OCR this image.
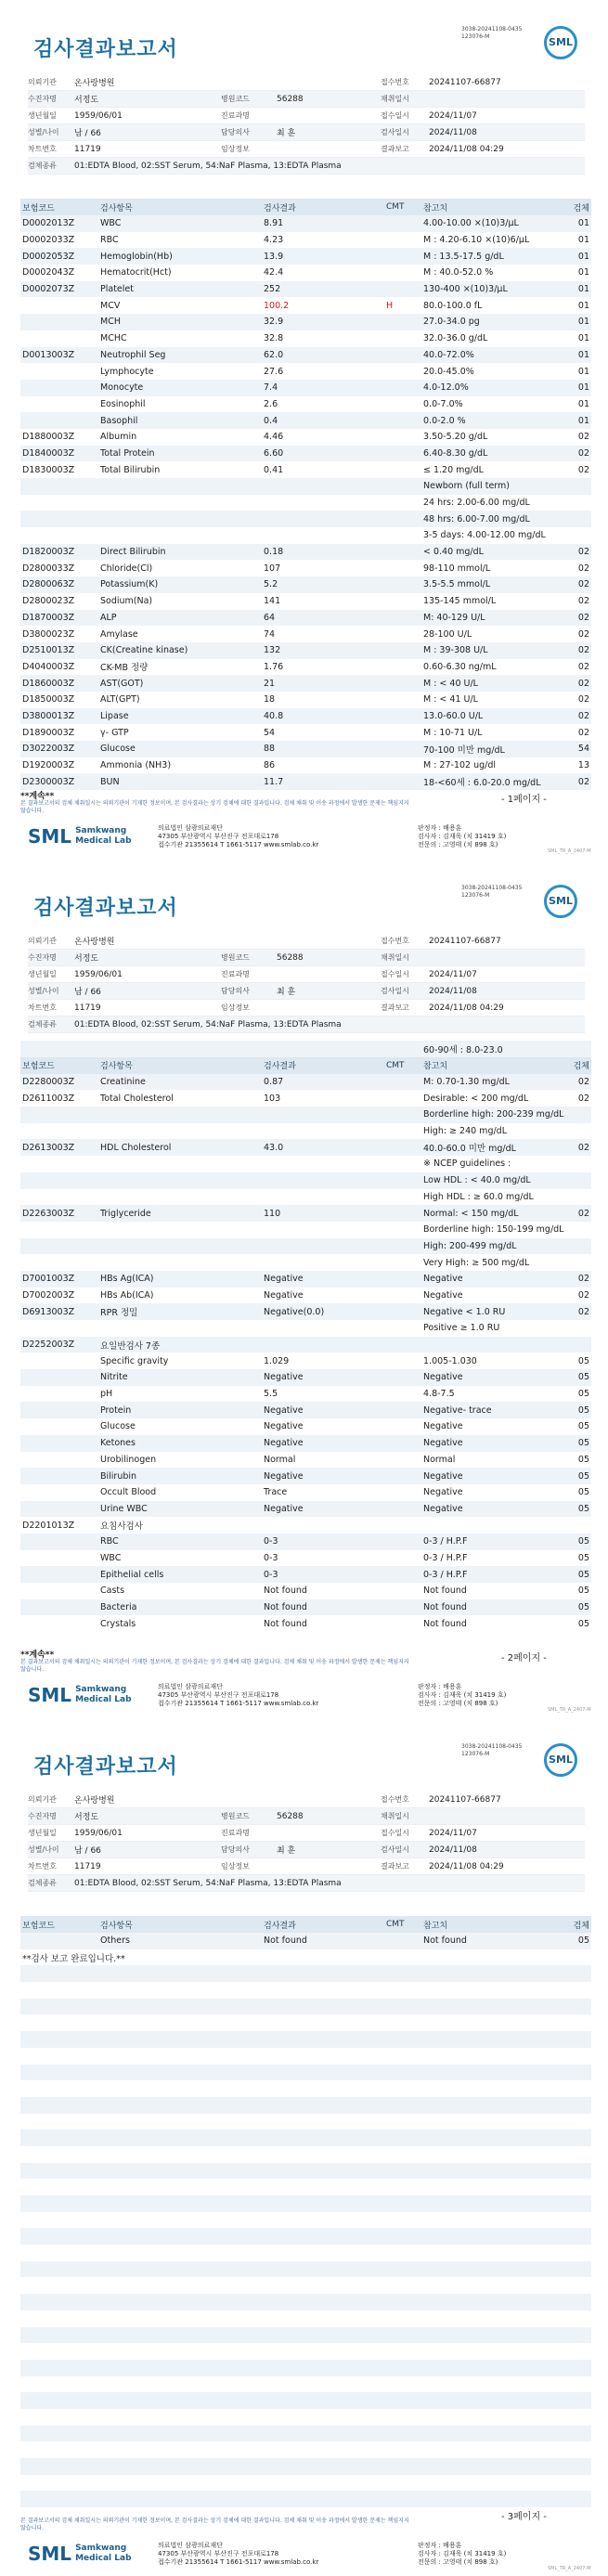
3038-20241108-0435
123076-M	SML
검사결과보고서
의뢰기관	온사랑병원	접수번호	20241107-66877
수진자명	서정도	병원코드	56288	채취일시
생년월일	1959/06/01	진료과명	접수일시	2024/11/07
성별/나이	남 / 66	담당의사	최 훈	검사일시	2024/11/08
차트번호	11719	임상정보	결과보고	2024/11/08 04:29
검체종류	01:EDTA Blood, 02:SST Serum, 54:NaF Plasma, 13:EDTA Plasma
보험코드	검사항목	검사결과	CMT	참고치	검체
D0002013Z	WBC	8.91	4.00-10.00 ×(10)3/μL	01
D0002033Z	RBC	4.23	M : 4.20-6.10 ×(10)6/μL	01
D0002053Z	Hemoglobin(Hb)	13.9	M : 13.5-17.5 g/dL	01
D0002043Z	Hematocrit(Hct)	42.4	M : 40.0-52.0 %	01
D0002073Z	Platelet	252	130-400 ×(10)3/μL	01
MCV	100.2	H	80.0-100.0 fL	01
MCH	32.9	27.0-34.0 pg	01
MCHC	32.8	32.0-36.0 g/dL	01
D0013003Z	Neutrophil Seg	62.0	40.0-72.0%	01
Lymphocyte	27.6	20.0-45.0%	01
Monocyte	7.4	4.0-12.0%	01
Eosinophil	2.6	0.0-7.0%	01
Basophil	0.4	0.0-2.0 %	01
D1880003Z	Albumin	4.46	3.50-5.20 g/dL	02
D1840003Z	Total Protein	6.60	6.40-8.30 g/dL	02
D1830003Z	Total Bilirubin	0.41	≤ 1.20 mg/dL	02
Newborn (full term)
24 hrs: 2.00-6.00 mg/dL
48 hrs: 6.00-7.00 mg/dL
3-5 days: 4.00-12.00 mg/dL
D1820003Z	Direct Bilirubin	0.18	< 0.40 mg/dL	02
D2800033Z	Chloride(Cl)	107	98-110 mmol/L	02
D2800063Z	Potassium(K)	5.2	3.5-5.5 mmol/L	02
D2800023Z	Sodium(Na)	141	135-145 mmol/L	02
D1870003Z	ALP	64	M: 40-129 U/L	02
D3800023Z	Amylase	74	28-100 U/L	02
D2510013Z	CK(Creatine kinase)	132	M : 39-308 U/L	02
D4040003Z	CK-MB 정량	1.76	0.60-6.30 ng/mL	02
D1860003Z	AST(GOT)	21	M : < 40 U/L	02
D1850003Z	ALT(GPT)	18	M : < 41 U/L	02
D3800013Z	Lipase	40.8	13.0-60.0 U/L	02
D1890003Z	γ- GTP	54	M : 10-71 U/L	02
D3022003Z	Glucose	88	70-100 미만 mg/dL	54
D1920003Z	Ammonia (NH3)	86	M : 27-102 ug/dl	13
D2300003Z	BUN	11.7	18-<60세 : 6.0-20.0 mg/dL	02
**계속**	- 1페이지 -
본 결과보고서의 검체 채취일시는 의뢰기관이 기재한 정보이며, 본 검사결과는 상기 검체에 대한 결과입니다. 검체 채취 및 이송 과정에서 발생한 문제는 책임지지 않습니다.
SML Samkwang
Medical Lab
의료법인 삼광의료재단
47305 부산광역시 부산진구 전포대로178
접수기관 21355614 T 1661-5117 www.smlab.co.kr
판정자 : 배용훈
검사자 : 김재욱 (치 31419 호)
전문의 : 고영태 (치 898 호)
SML_TR_A_2407-M
3038-20241108-0435
123076-M	SML
검사결과보고서
의뢰기관	온사랑병원	접수번호	20241107-66877
수진자명	서정도	병원코드	56288	채취일시
생년월일	1959/06/01	진료과명	접수일시	2024/11/07
성별/나이	남 / 66	담당의사	최 훈	검사일시	2024/11/08
차트번호	11719	임상정보	결과보고	2024/11/08 04:29
검체종류	01:EDTA Blood, 02:SST Serum, 54:NaF Plasma, 13:EDTA Plasma
60-90세 : 8.0-23.0
보험코드	검사항목	검사결과	CMT	참고치	검체
D2280003Z	Creatinine	0.87	M: 0.70-1.30 mg/dL	02
D2611003Z	Total Cholesterol	103	Desirable: < 200 mg/dL	02
Borderline high: 200-239 mg/dL
High: ≥ 240 mg/dL
D2613003Z	HDL Cholesterol	43.0	40.0-60.0 미만 mg/dL	02
※ NCEP guidelines :
Low HDL : < 40.0 mg/dL
High HDL : ≥ 60.0 mg/dL
D2263003Z	Triglyceride	110	Normal: < 150 mg/dL	02
Borderline high: 150-199 mg/dL
High: 200-499 mg/dL
Very High: ≥ 500 mg/dL
D7001003Z	HBs Ag(ICA)	Negative	Negative	02
D7002003Z	HBs Ab(ICA)	Negative	Negative	02
D6913003Z	RPR 정밀	Negative(0.0)	Negative < 1.0 RU	02
Positive ≥ 1.0 RU
D2252003Z	요일반검사 7종
Specific gravity	1.029	1.005-1.030	05
Nitrite	Negative	Negative	05
pH	5.5	4.8-7.5	05
Protein	Negative	Negative- trace	05
Glucose	Negative	Negative	05
Ketones	Negative	Negative	05
Urobilinogen	Normal	Normal	05
Bilirubin	Negative	Negative	05
Occult Blood	Trace	Negative	05
Urine WBC	Negative	Negative	05
D2201013Z	요침사검사
RBC	0-3	0-3 / H.P.F	05
WBC	0-3	0-3 / H.P.F	05
Epithelial cells	0-3	0-3 / H.P.F	05
Casts	Not found	Not found	05
Bacteria	Not found	Not found	05
Crystals	Not found	Not found	05
**계속**	- 2페이지 -
본 결과보고서의 검체 채취일시는 의뢰기관이 기재한 정보이며, 본 검사결과는 상기 검체에 대한 결과입니다. 검체 채취 및 이송 과정에서 발생한 문제는 책임지지 않습니다.
SML Samkwang
Medical Lab
의료법인 삼광의료재단
47305 부산광역시 부산진구 전포대로178
접수기관 21355614 T 1661-5117 www.smlab.co.kr
판정자 : 배용훈
검사자 : 김재욱 (치 31419 호)
전문의 : 고영태 (치 898 호)
SML_TR_A_2407-M
3038-20241108-0435
123076-M	SML
검사결과보고서
의뢰기관	온사랑병원	접수번호	20241107-66877
수진자명	서정도	병원코드	56288	채취일시
생년월일	1959/06/01	진료과명	접수일시	2024/11/07
성별/나이	남 / 66	담당의사	최 훈	검사일시	2024/11/08
차트번호	11719	임상정보	결과보고	2024/11/08 04:29
검체종류	01:EDTA Blood, 02:SST Serum, 54:NaF Plasma, 13:EDTA Plasma
보험코드	검사항목	검사결과	CMT	참고치	검체
Others	Not found	Not found	05
**검사 보고 완료입니다.**
- 3페이지 -
본 결과보고서의 검체 채취일시는 의뢰기관이 기재한 정보이며, 본 검사결과는 상기 검체에 대한 결과입니다. 검체 채취 및 이송 과정에서 발생한 문제는 책임지지 않습니다.
SML Samkwang
Medical Lab
의료법인 삼광의료재단
47305 부산광역시 부산진구 전포대로178
접수기관 21355614 T 1661-5117 www.smlab.co.kr
판정자 : 배용훈
검사자 : 김재욱 (치 31419 호)
전문의 : 고영태 (치 898 호)
SML_TR_A_2407-M
